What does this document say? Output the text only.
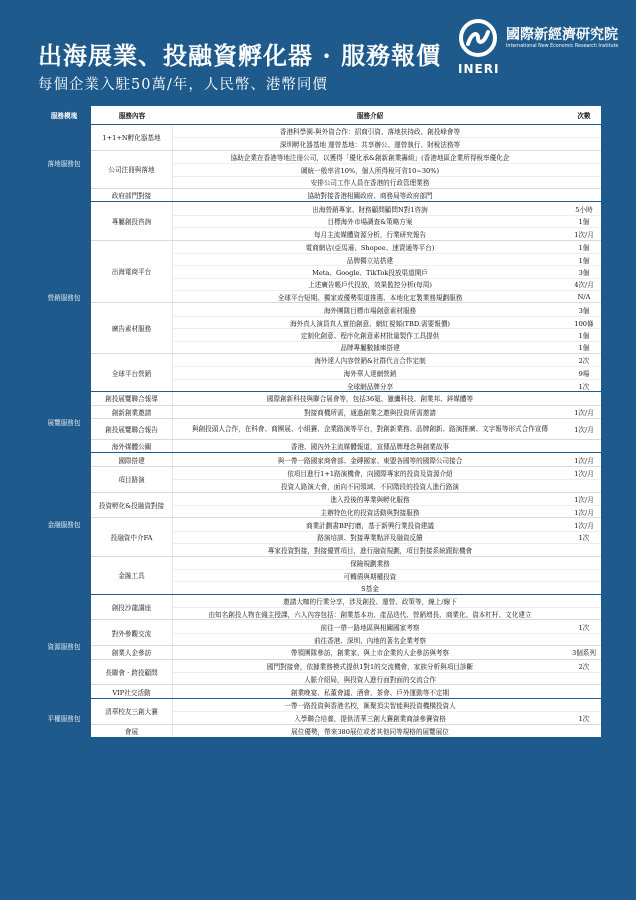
出海展業、投融資孵化器 · 服務報價
每個企業入駐50萬/年，人民幣、港幣同價
INERI
國際新經濟研究院
International New Economic Research Institute
服務模塊	服務內容	服務介紹	次數
落地服務包
1+1+N孵化器基地
香港科學園-與外資合作：招商引資、落地扶持政、創投峰會等
深圳孵化器基地 運營基地：共享辦公、運營執行、財稅法務等
公司注冊與落地
協助企業在香港等地注冊公司，以獲得「優化承&創新創業籌組」(香港地區企業所得稅率優化企
圖統一般率省10%，個人所得稅可省10~30%)
安排公司工作人員在香港的行政管理業務
政府部門對接	協助對接香港相關政府、商務局等政府部門
營銷服務包
專屬創投咨詢
出海營銷專家、財務顧問顧問N對1咨詢	5小時
目標海外市場調查&策略方案	1個
每月主流媒體資源分析，行業研究報告	1次/月
出海電商平台
電商網店(亞馬遜、Shopee、速賣通等平台)	1個
品牌獨立站搭建	1個
Meta、Google、TikTok投放渠道開戶	3個
上述廣告帳戶代投放，效果監控分析(每周)	4次/月
全球平台短期、獨家或優勢渠道推薦、本地化定製業務規劃服務	N/A
廣告素材服務
海外團隊目標市場創意素材服務	3個
海外真人演員真人實拍創意、網紅視頻(TBD.需要報價)	100條
定制化創意、程序化創意素材批量製作工具提供	1個
品牌專屬數據庫搭建	1個
全球平台營銷
海外達人內容營銷&社群代言合作定制	2次
海外華人達網營銷	9場
全球網品牌分享	1次
展覽服務包
創投展覽聯合報導	國際創新科技與聯合展會等，包括36氪、獵鷹科技、創業邦、鋅媒體等
創新創業邀請	對接商機所需，通過創業之邀與投資所需邀請	1次/月
創投展覽聯合報告	與創投頭人合作，在科會、商團展、小組賽、企業路演等平台，對創新業務、品牌創新、路演推廣、文字報等形式合作宣傳	1次/月
海外媒體公關	香港、國內外主流媒體報道，宣傳品牌理念與創業故事
金融服務包
國際搭建	與一帶一路國家商會部、金磚國家、東盟各國等的國際公司接合	1次/月
項目路演
依項目進行1+1路演機會，向國際專家的投資及資源介紹	1次/月
投資人路演大會，面向不同領域、不同階段的投資人進行路演
投資孵化&投融資對接
進入投後的專業與孵化服務	1次/月
主辦特色化的投資活動與對接服務	1次/月
投融資中介FA
商業計劃書BP打磨，基于新興行業投資建議	1次/月
路演培訓、對接專業點評及融資反饋	1次
專家投資對接，對接優質項目，進行融資規劃，項目對接系統跟踪機會
金融工具
保險規劃業務
可轉債與期權投資
S基金
資源服務包
創投沙龍講座
邀請大咖的行業分享，涉及創投、運營、政策等，線上/線下
由知名創投人物在綫主授課，六人內容包括：創業基本功、產品迭代、營銷增長、商業化、資本杠杆、文化建立
對外參觀交流
前往一帶一路地區與相關國家考察	1次
前往香港、深圳、內地的著名企業考察
創業人企參訪	帶領團隊參訪，創業家、與上市企業的人企參訪與考察	3個系列
長聯會 · 跨投顧問
國門對接會，依據業務模式提供1對1的交流機會，家族分析與項目診斷	2次
人脈介紹局，與投資人進行面對面的交流合作
VIP社交活動	創業晚宴、私董會議、酒會、茶會、戶外運動等不定期
平權服務包
清華校友三創大賽
一帶一路投資與香港名校，匯聚頂尖智能與投資機構投資人
入學聯合培養，提供清華三創大賽創業商談參賽資格	1次
會展	展位優勢，帶來380展位或者其他同等規格的展覽展位
